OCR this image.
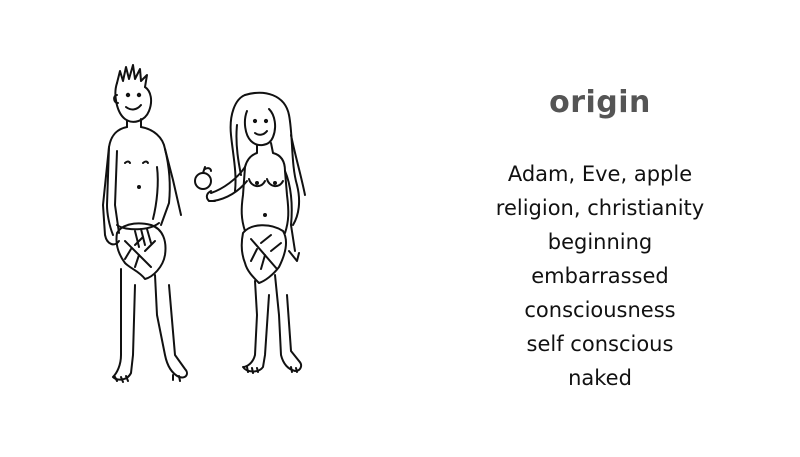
origin
Adam, Eve, apple
religion, christianity
beginning
embarrassed
consciousness
self conscious
naked
